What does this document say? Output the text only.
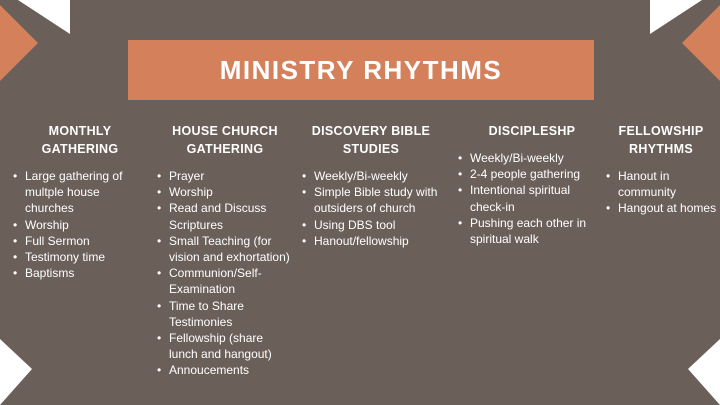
MINISTRY RHYTHMS
MONTHLY
GATHERING
• Large gathering of multple house churches
• Worship
• Full Sermon
• Testimony time
• Baptisms
HOUSE CHURCH
GATHERING
• Prayer
• Worship
• Read and Discuss Scriptures
• Small Teaching (for vision and exhortation)
• Communion/Self-Examination
• Time to Share Testimonies
• Fellowship (share lunch and hangout)
• Annoucements
DISCOVERY BIBLE
STUDIES
• Weekly/Bi-weekly
• Simple Bible study with outsiders of church
• Using DBS tool
• Hanout/fellowship
DISCIPLESHP

• Weekly/Bi-weekly
• 2-4 people gathering
• Intentional spiritual check-in
• Pushing each other in spiritual walk
FELLOWSHIP
RHYTHMS
• Hanout in community
• Hangout at homes
